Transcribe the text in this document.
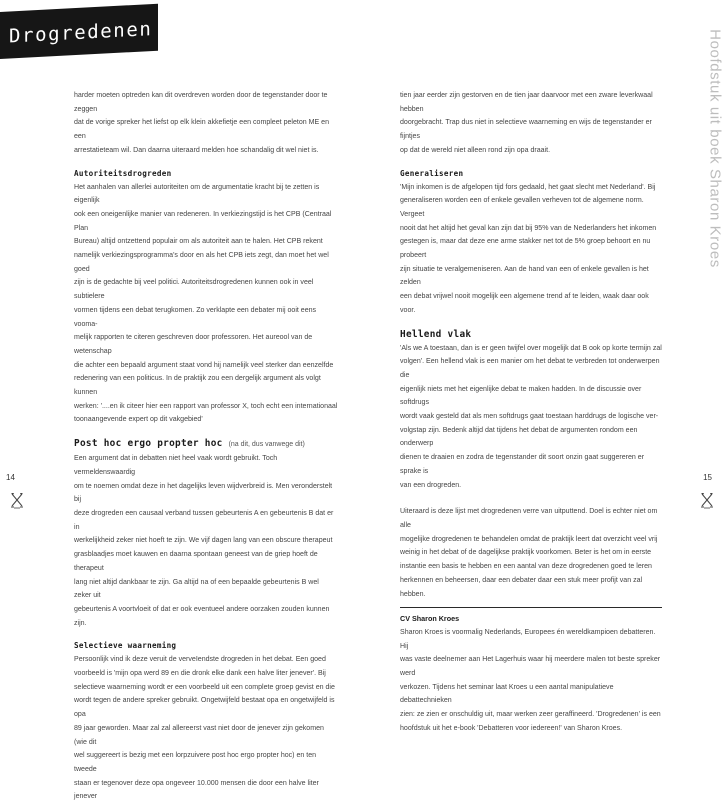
Drogredenen	Hoofdstuk uit boek Sharon Kroes

harder moeten optreden kan dit overdreven worden door de tegenstander door te zeggen
dat de vorige spreker het liefst op elk klein akkefietje een compleet peleton ME en een
arrestatieteam wil. Dan daarna uiteraard melden hoe schandalig dit wel niet is.

Autoriteitsdrogreden

Het aanhalen van allerlei autoriteiten om de argumentatie kracht bij te zetten is eigenlijk
ook een oneigenlijke manier van redeneren. In verkiezingstijd is het CPB (Centraal Plan
Bureau) altijd ontzettend populair om als autoriteit aan te halen. Het CPB rekent
namelijk verkiezingsprogramma's door en als het CPB iets zegt, dan moet het wel goed
zijn is de gedachte bij veel politici. Autoriteitsdrogredenen kunnen ook in veel subtielere
vormen tijdens een debat terugkomen. Zo verklapte een debater mij ooit eens vooma-
melijk rapporten te citeren geschreven door professoren. Het aureool van de wetenschap
die achter een bepaald argument staat vond hij namelijk veel sterker dan eenzelfde
redenering van een politicus. In de praktijk zou een dergelijk argument als volgt kunnen
werken: '....en ik citeer hier een rapport van professor X, toch echt een internationaal
toonaangevende expert op dit vakgebied'

Post hoc ergo propter hoc (na dit, dus vanwege dit)

Een argument dat in debatten niet heel vaak wordt gebruikt. Toch vermeldenswaardig
om te noemen omdat deze in het dagelijks leven wijdverbreid is. Men veronderstelt bij
deze drogreden een causaal verband tussen gebeurtenis A en gebeurtenis B dat er in
werkelijkheid zeker niet hoeft te zijn. We vijf dagen lang van een obscure therapeut
grasblaadjes moet kauwen en daarna spontaan geneest van de griep hoeft de therapeut
lang niet altijd dankbaar te zijn. Ga altijd na of een bepaalde gebeurtenis B wel zeker uit
gebeurtenis A voortvloeit of dat er ook eventueel andere oorzaken zouden kunnen zijn.

Selectieve waarneming

Persoonlijk vind ik deze veruit de verveIendste drogreden in het debat. Een goed
voorbeeld is 'mijn opa werd 89 en die dronk elke dank een halve liter jenever'. Bij
selectieve waarneming wordt er een voorbeeld uit een complete groep gevist en die
wordt tegen de andere spreker gebruikt. Ongetwijfeld bestaat opa en ongetwijfeld is opa
89 jaar geworden. Maar zal zal allereerst vast niet door de jenever zijn gekomen (wie dit
wel suggereert is bezig met een lorpzuivere post hoc ergo propter hoc) en ten tweede
staan er tegenover deze opa ongeveer 10.000 mensen die door een halve liter jenever

tien jaar eerder zijn gestorven en de tien jaar daarvoor met een zware leverkwaal hebben
doorgebracht. Trap dus niet in selectieve waarneming en wijs de tegenstander er fijntjes
op dat de wereld niet alleen rond zijn opa draait.

Generaliseren

'Mijn inkomen is de afgelopen tijd fors gedaald, het gaat slecht met Nederland'. Bij
generaliseren worden een of enkele gevallen verheven tot de algemene norm. Vergeet
nooit dat het altijd het geval kan zijn dat bij 95% van de Nederlanders het inkomen
gestegen is, maar dat deze ene arme stakker net tot de 5% groep behoort en nu probeert
zijn situatie te veralgemeniseren. Aan de hand van een of enkele gevallen is het zelden
een debat vrijwel nooit mogelijk een algemene trend af te leiden, waak daar ook voor.

Hellend vlak

'Als we A toestaan, dan is er geen twijfel over mogelijk dat B ook op korte termijn zal
volgen'. Een hellend vlak is een manier om het debat te verbreden tot onderwerpen die
eigenlijk niets met het eigenlijke debat te maken hadden. In de discussie over softdrugs
wordt vaak gesteld dat als men softdrugs gaat toestaan harddrugs de logische ver-
volgstap zijn. Bedenk altijd dat tijdens het debat de argumenten rondom een onderwerp
dienen te draaien en zodra de tegenstander dit soort onzin gaat suggereren er sprake is
van een drogreden.

Uiteraard is deze lijst met drogredenen verre van uitputtend. Doel is echter niet om alle
mogelijke drogredenen te behandelen omdat de praktijk leert dat overzicht veel vrij
weinig in het debat of de dagelijkse praktijk voorkomen. Beter is het om in eerste
instantie een basis te hebben en een aantal van deze drogredenen goed te leren
herkennen en beheersen, daar een debater daar een stuk meer profijt van zal hebben.

CV Sharon Kroes

Sharon Kroes is voormalig Nederlands, Europees én wereldkampioen debatteren. Hij
was vaste deelnemer aan Het Lagerhuis waar hij meerdere malen tot beste spreker werd
verkozen. Tijdens het seminar laat Kroes u een aantal manipulatieve debattechnieken
zien: ze zien er onschuldig uit, maar werken zeer geraffineerd. 'Drogredenen' is een
hoofdstuk uit het e-book 'Debatteren voor iedereen!' van Sharon Kroes.

14	15
